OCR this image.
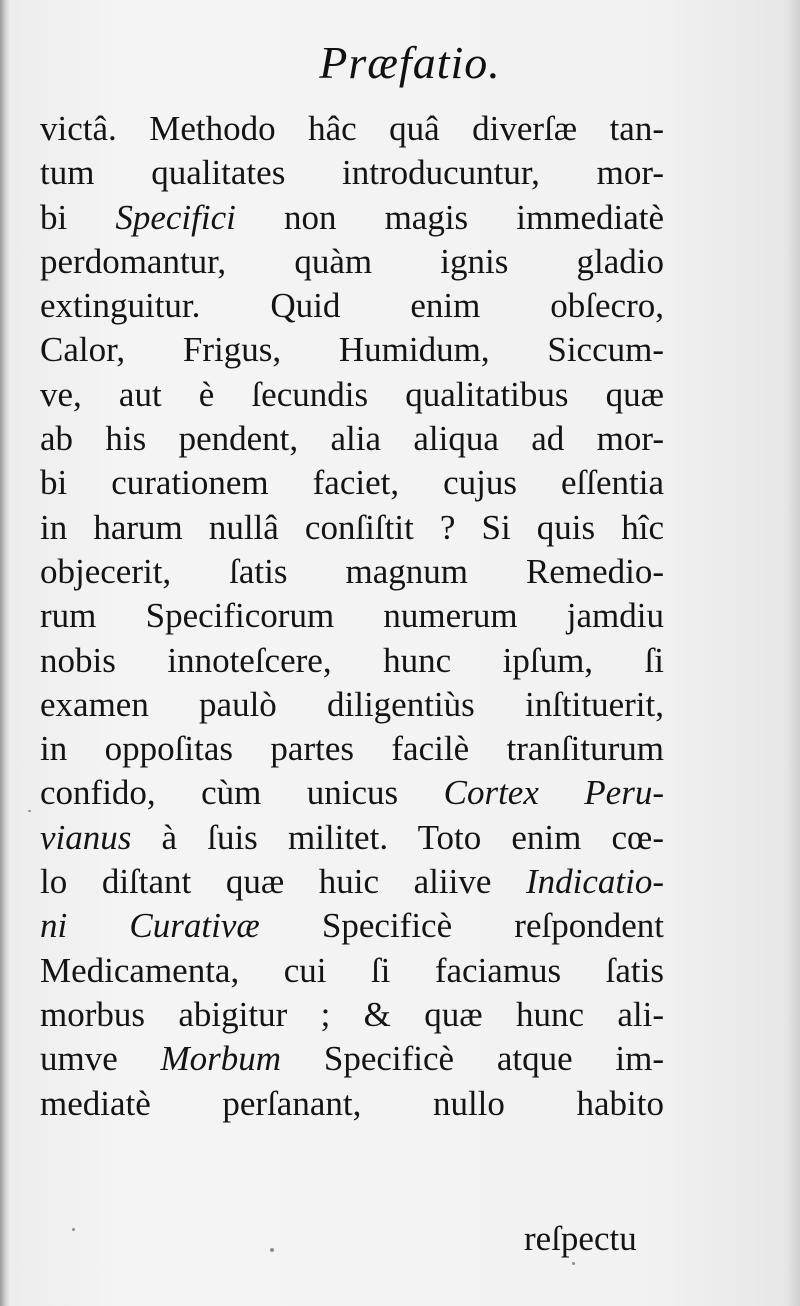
Præfatio.
victâ. Methodo hâc quâ diverſæ tan-
tum qualitates introducuntur, mor-
bi Specifici non magis immediatè
perdomantur, quàm ignis gladio
extinguitur. Quid enim obſecro,
Calor, Frigus, Humidum, Siccum-
ve, aut è ſecundis qualitatibus quæ
ab his pendent, alia aliqua ad mor-
bi curationem faciet, cujus eſſentia
in harum nullâ conſiſtit ? Si quis hîc
objecerit, ſatis magnum Remedio-
rum Specificorum numerum jamdiu
nobis innoteſcere, hunc ipſum, ſi
examen paulò diligentiùs inſtituerit,
in oppoſitas partes facilè tranſiturum
confido, cùm unicus Cortex Peru-
vianus à ſuis militet. Toto enim cœ-
lo diſtant quæ huic aliive Indicatio-
ni Curativæ Specificè reſpondent
Medicamenta, cui ſi faciamus ſatis
morbus abigitur ; & quæ hunc ali-
umve Morbum Specificè atque im-
mediatè perſanant, nullo habito
reſpectu
